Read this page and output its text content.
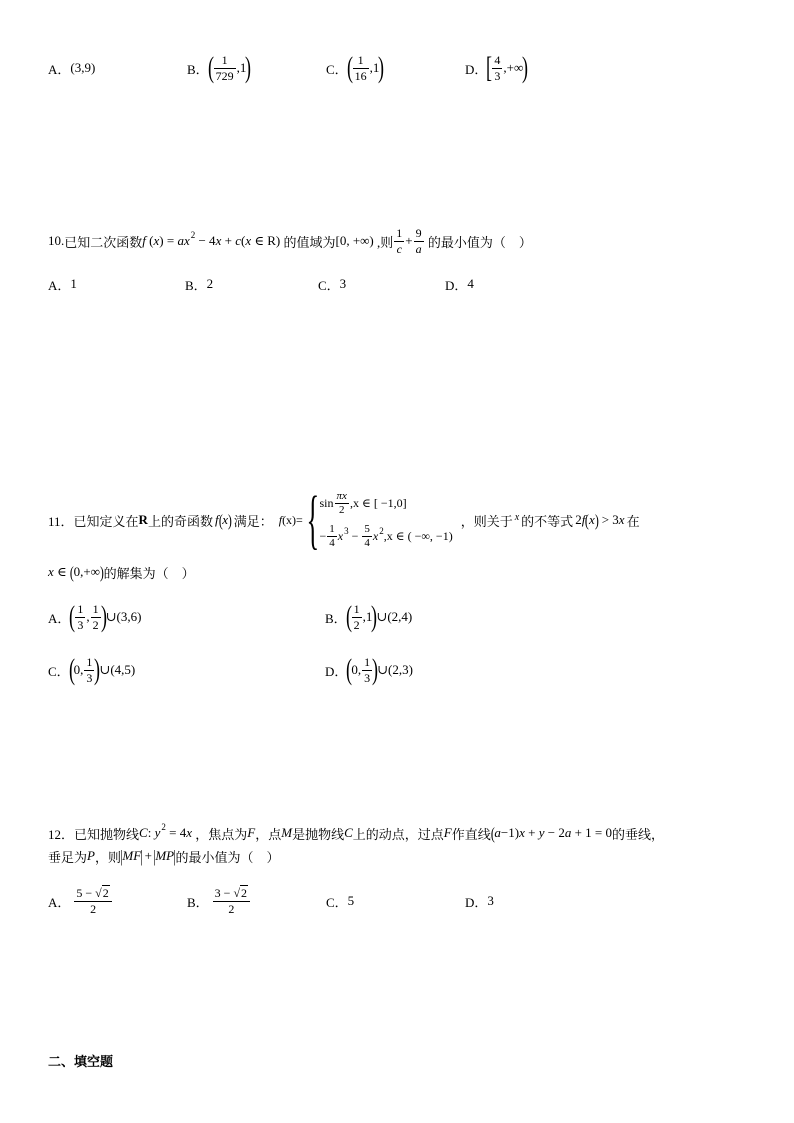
A． (3,9)	B． ( $\frac{1}{729} ,1$ )	C． ( $\frac{1}{16} ,1$ )	D． [ $\frac{4}{3}$ ,+∞ )
10. 已知二次函数 f ( x ) = $ax^2 - 4$ x + c ( x ∈ R) 的值域为 [0, +∞) ,则 $\frac{1}{c} + \frac{9}{a}$ 的最小值为（　）
A． 1	B． 2	C． 3	D． 4
11． 已知定义在 R 上的奇函数 f ( x ) 满足： f (x)= { $\sin \frac{\pi x}{2} ,x$ ∈ [ −1,0]
− $\frac{1}{4} x^3 - \frac{5}{4} x^2$ ,x ∈ ( −∞, −1)
，则关于 x 的不等式 2 f ( x ) > 3 x 在
x ∈ ( 0,+∞ ) 的解集为（　）
A． ( $\frac{1}{3}$ , $\frac{1}{2}$ ) ∪(3,6)	B． ( $\frac{1}{2} ,1$ ) ∪(2,4)
C． ( 0, $\frac{1}{3}$ ) ∪(4,5)	D． ( 0, $\frac{1}{3}$ ) ∪(2,3)
12． 已知抛物线 C : $y^2 = 4$ x ，焦点为 F ，点 M 是抛物线 C 上的动点，过点 F 作直线 ( a −1) x + y − 2 a + 1 = 0 的垂线，
垂足为 P ，则 | MF | + | MP | 的最小值为（　）
A． $\frac{5 - √2}{2}$	B． $\frac{3 - √2}{2}$	C． 5	D． 3
二、填空题
